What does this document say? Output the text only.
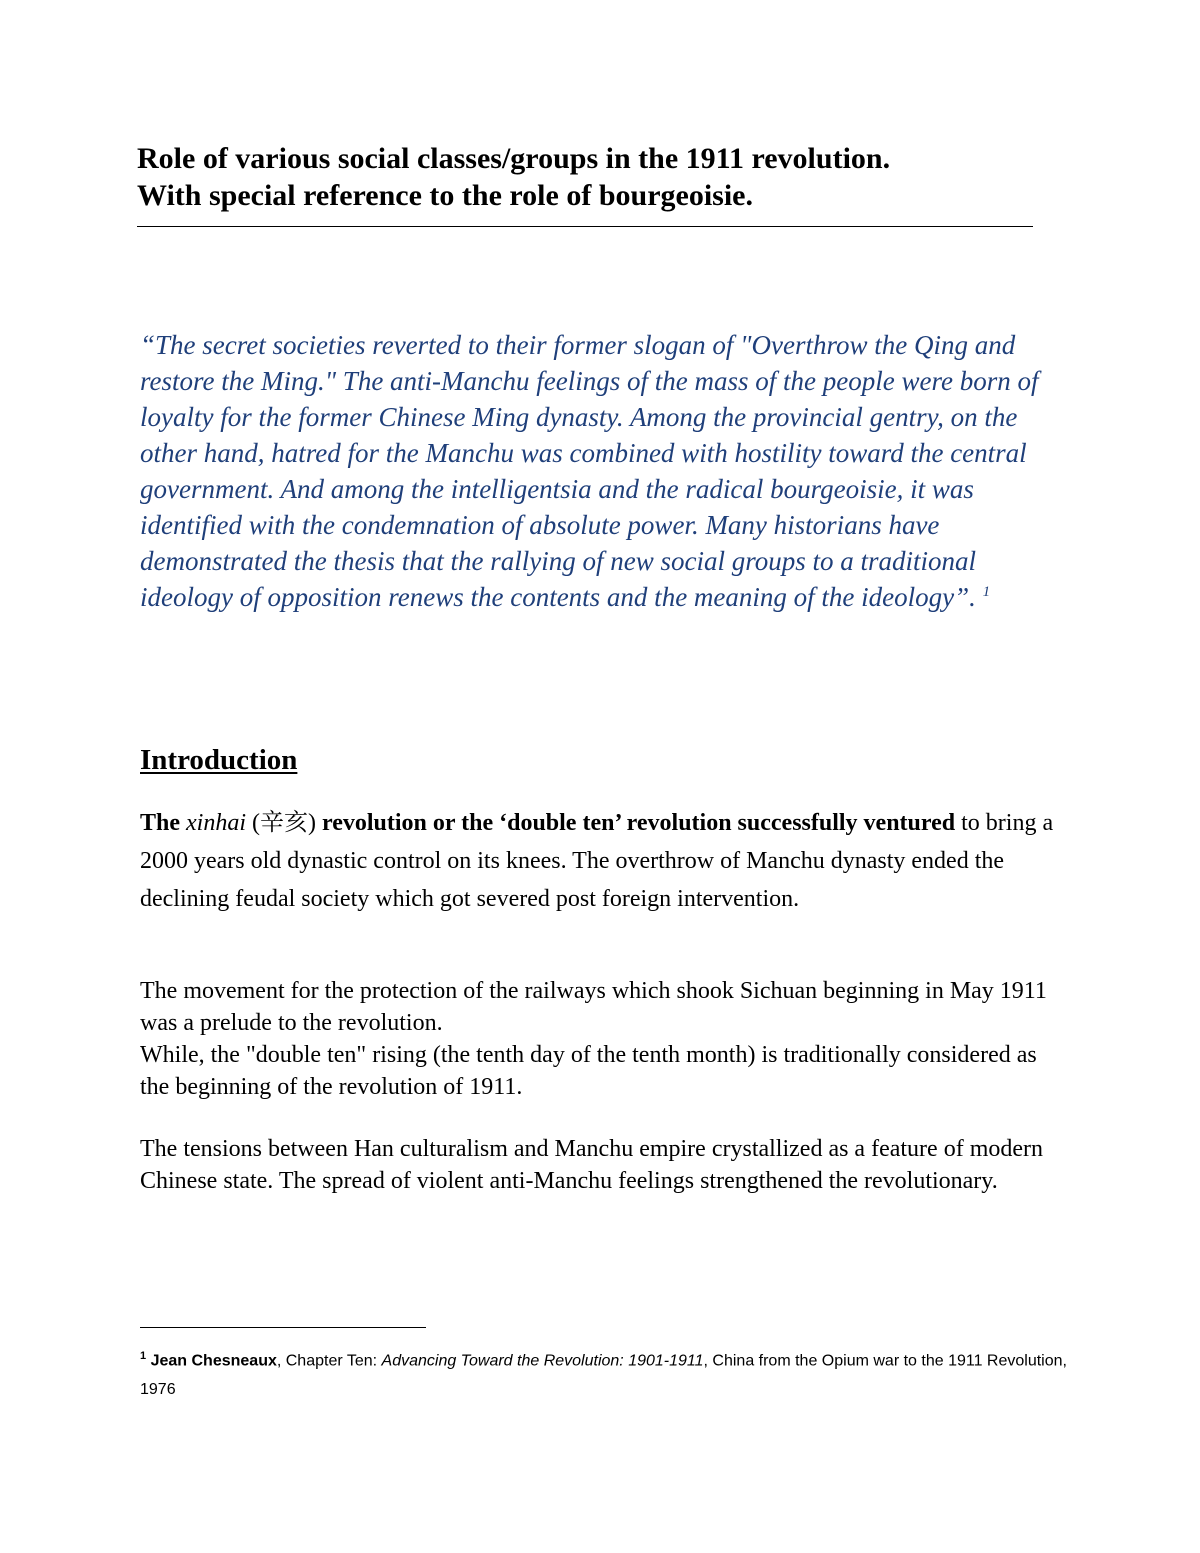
Role of various social classes/groups in the 1911 revolution.
With special reference to the role of bourgeoisie.

“The secret societies reverted to their former slogan of "Overthrow the Qing and restore the Ming." The anti-Manchu feelings of the mass of the people were born of loyalty for the former Chinese Ming dynasty. Among the provincial gentry, on the other hand, hatred for the Manchu was combined with hostility toward the central government. And among the intelligentsia and the radical bourgeoisie, it was identified with the condemnation of absolute power. Many historians have demonstrated the thesis that the rallying of new social groups to a traditional ideology of opposition renews the contents and the meaning of the ideology”. $^1$

Introduction

The xinhai (辛亥) revolution or the ‘double ten’ revolution successfully ventured to bring a 2000 years old dynastic control on its knees. The overthrow of Manchu dynasty ended the declining feudal society which got severed post foreign intervention.

The movement for the protection of the railways which shook Sichuan beginning in May 1911 was a prelude to the revolution.
While, the "double ten" rising (the tenth day of the tenth month) is traditionally considered as the beginning of the revolution of 1911.

The tensions between Han culturalism and Manchu empire crystallized as a feature of modern Chinese state. The spread of violent anti-Manchu feelings strengthened the revolutionary.

$^1$ Jean Chesneaux, Chapter Ten: Advancing Toward the Revolution: 1901-1911, China from the Opium war to the 1911 Revolution, 1976
